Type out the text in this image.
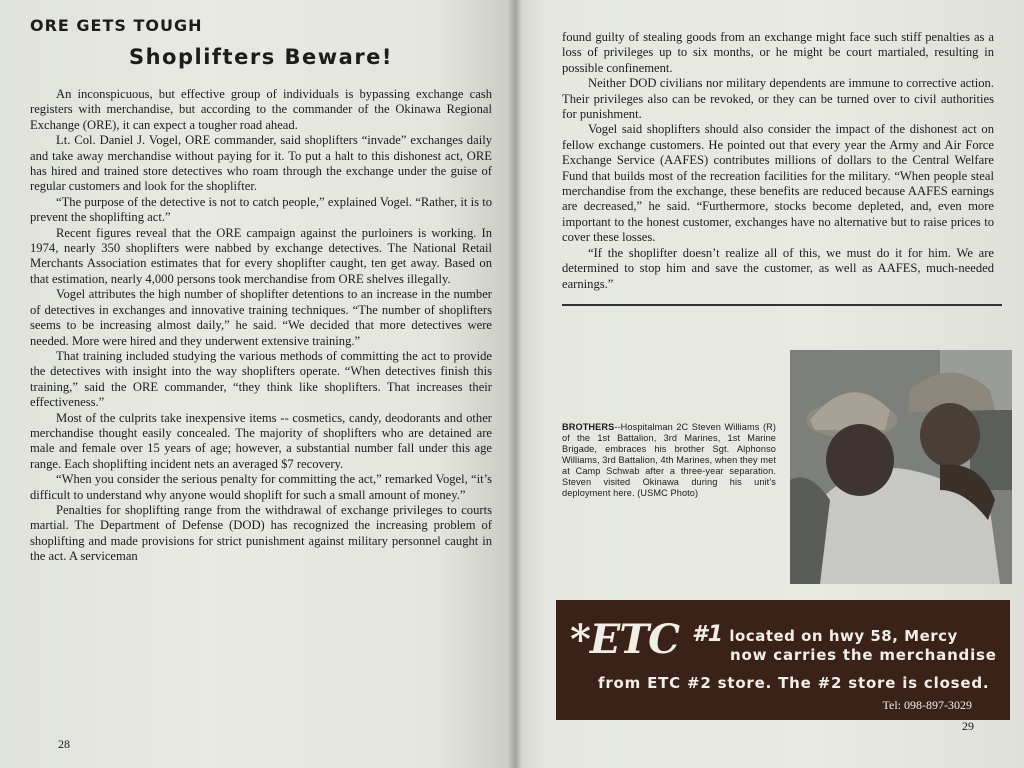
ORE GETS TOUGH
Shoplifters Beware!

An inconspicuous, but effective group of individuals is bypassing exchange cash registers with merchandise, but according to the commander of the Okinawa Regional Exchange (ORE), it can expect a tougher road ahead.

Lt. Col. Daniel J. Vogel, ORE commander, said shoplifters “invade” exchanges daily and take away merchandise without paying for it. To put a halt to this dishonest act, ORE has hired and trained store detectives who roam through the exchange under the guise of regular customers and look for the shoplifter.

“The purpose of the detective is not to catch people,” explained Vogel. “Rather, it is to prevent the shoplifting act.”

Recent figures reveal that the ORE campaign against the purloiners is working. In 1974, nearly 350 shoplifters were nabbed by exchange detectives. The National Retail Merchants Association estimates that for every shoplifter caught, ten get away. Based on that estimation, nearly 4,000 persons took merchandise from ORE shelves illegally.

Vogel attributes the high number of shoplifter detentions to an increase in the number of detectives in exchanges and innovative training techniques. “The number of shoplifters seems to be increasing almost daily,” he said. “We decided that more detectives were needed. More were hired and they underwent extensive training.”

That training included studying the various methods of committing the act to provide the detectives with insight into the way shoplifters operate. “When detectives finish this training,” said the ORE commander, “they think like shoplifters. That increases their effectiveness.”

Most of the culprits take inexpensive items -- cosmetics, candy, deodorants and other merchandise thought easily concealed. The majority of shoplifters who are detained are male and female over 15 years of age; however, a substantial number fall under this age range. Each shoplifting incident nets an averaged $7 recovery.

“When you consider the serious penalty for committing the act,” remarked Vogel, “it’s difficult to understand why anyone would shoplift for such a small amount of money.”

Penalties for shoplifting range from the withdrawal of exchange privileges to courts martial. The Department of Defense (DOD) has recognized the increasing problem of shoplifting and made provisions for strict punishment against military personnel caught in the act. A serviceman

28

found guilty of stealing goods from an exchange might face such stiff penalties as a loss of privileges up to six months, or he might be court martialed, resulting in possible confinement.

Neither DOD civilians nor military dependents are immune to corrective action. Their privileges also can be revoked, or they can be turned over to civil authorities for punishment.

Vogel said shoplifters should also consider the impact of the dishonest act on fellow exchange customers. He pointed out that every year the Army and Air Force Exchange Service (AAFES) contributes millions of dollars to the Central Welfare Fund that builds most of the recreation facilities for the military. “When people steal merchandise from the exchange, these benefits are reduced because AAFES earnings are decreased,” he said. “Furthermore, stocks become depleted, and, even more important to the honest customer, exchanges have no alternative but to raise prices to cover these losses.

“If the shoplifter doesn’t realize all of this, we must do it for him. We are determined to stop him and save the customer, as well as AAFES, much-needed earnings.”

BROTHERS--Hospitalman 2C Steven Williams (R) of the 1st Battalion, 3rd Marines, 1st Marine Brigade, embraces his brother Sgt. Alphonso Williams, 3rd Battalion, 4th Marines, when they met at Camp Schwab after a three-year separation. Steven visited Okinawa during his unit’s deployment here. (USMC Photo)
*ETC #1 located on hwy 58, Mercy
now carries the merchandise
from ETC #2 store. The #2 store is closed.
Tel: 098-897-3029
29
